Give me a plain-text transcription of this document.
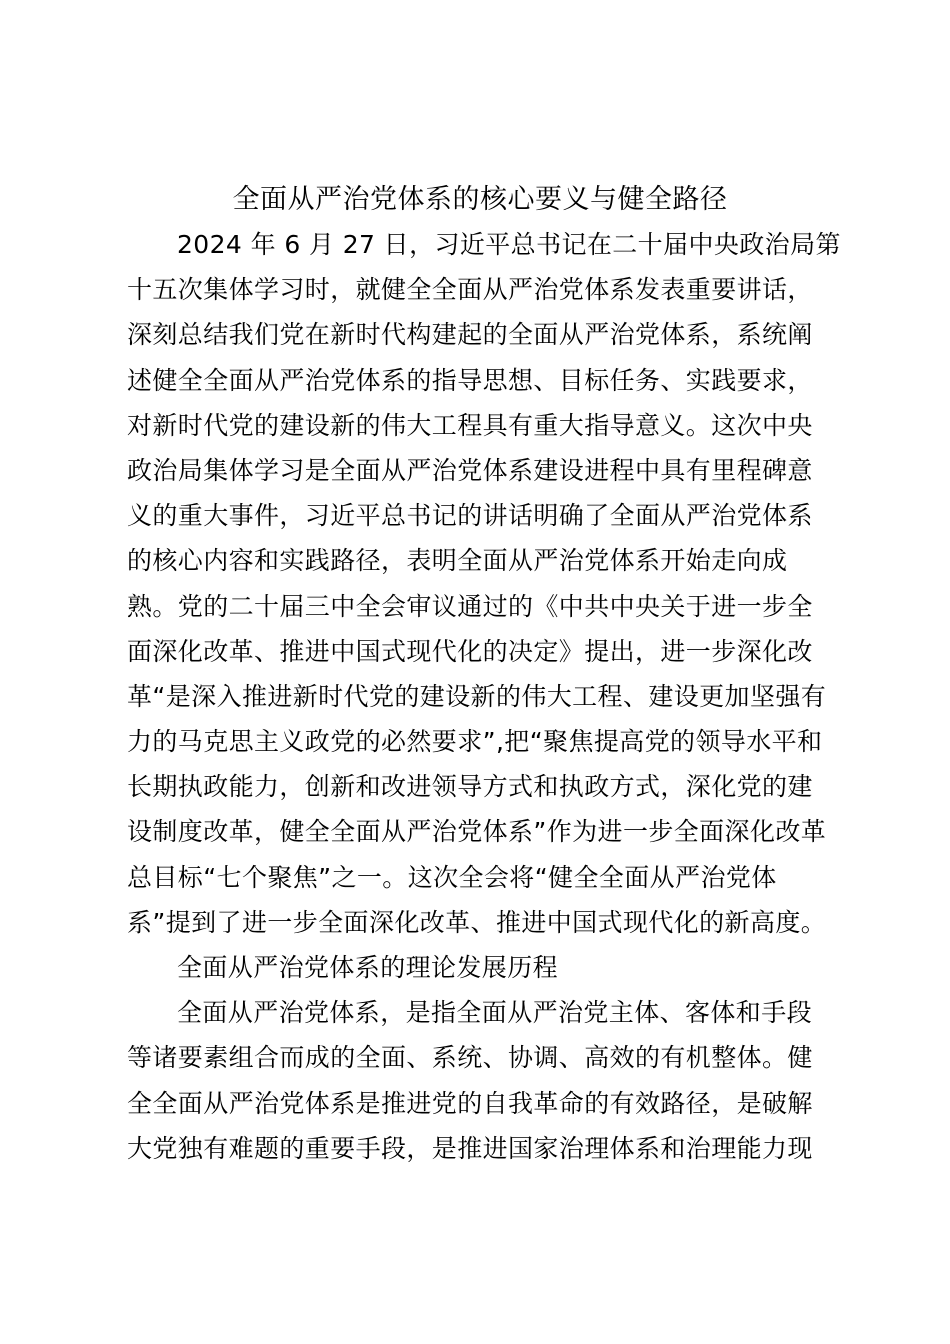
全面从严治党体系的核心要义与健全路径
2024 年 6 月 27 日，习近平总书记在二十届中央政治局第
十五次集体学习时，就健全全面从严治党体系发表重要讲话，
深刻总结我们党在新时代构建起的全面从严治党体系，系统阐
述健全全面从严治党体系的指导思想、目标任务、实践要求，
对新时代党的建设新的伟大工程具有重大指导意义。这次中央
政治局集体学习是全面从严治党体系建设进程中具有里程碑意
义的重大事件，习近平总书记的讲话明确了全面从严治党体系
的核心内容和实践路径，表明全面从严治党体系开始走向成
熟。党的二十届三中全会审议通过的《中共中央关于进一步全
面深化改革、推进中国式现代化的决定》提出，进一步深化改
革“是深入推进新时代党的建设新的伟大工程、建设更加坚强有
力的马克思主义政党的必然要求”,把“聚焦提高党的领导水平和
长期执政能力，创新和改进领导方式和执政方式，深化党的建
设制度改革，健全全面从严治党体系”作为进一步全面深化改革
总目标“七个聚焦”之一。这次全会将“健全全面从严治党体
系”提到了进一步全面深化改革、推进中国式现代化的新高度。
全面从严治党体系的理论发展历程
全面从严治党体系，是指全面从严治党主体、客体和手段
等诸要素组合而成的全面、系统、协调、高效的有机整体。健
全全面从严治党体系是推进党的自我革命的有效路径，是破解
大党独有难题的重要手段，是推进国家治理体系和治理能力现
